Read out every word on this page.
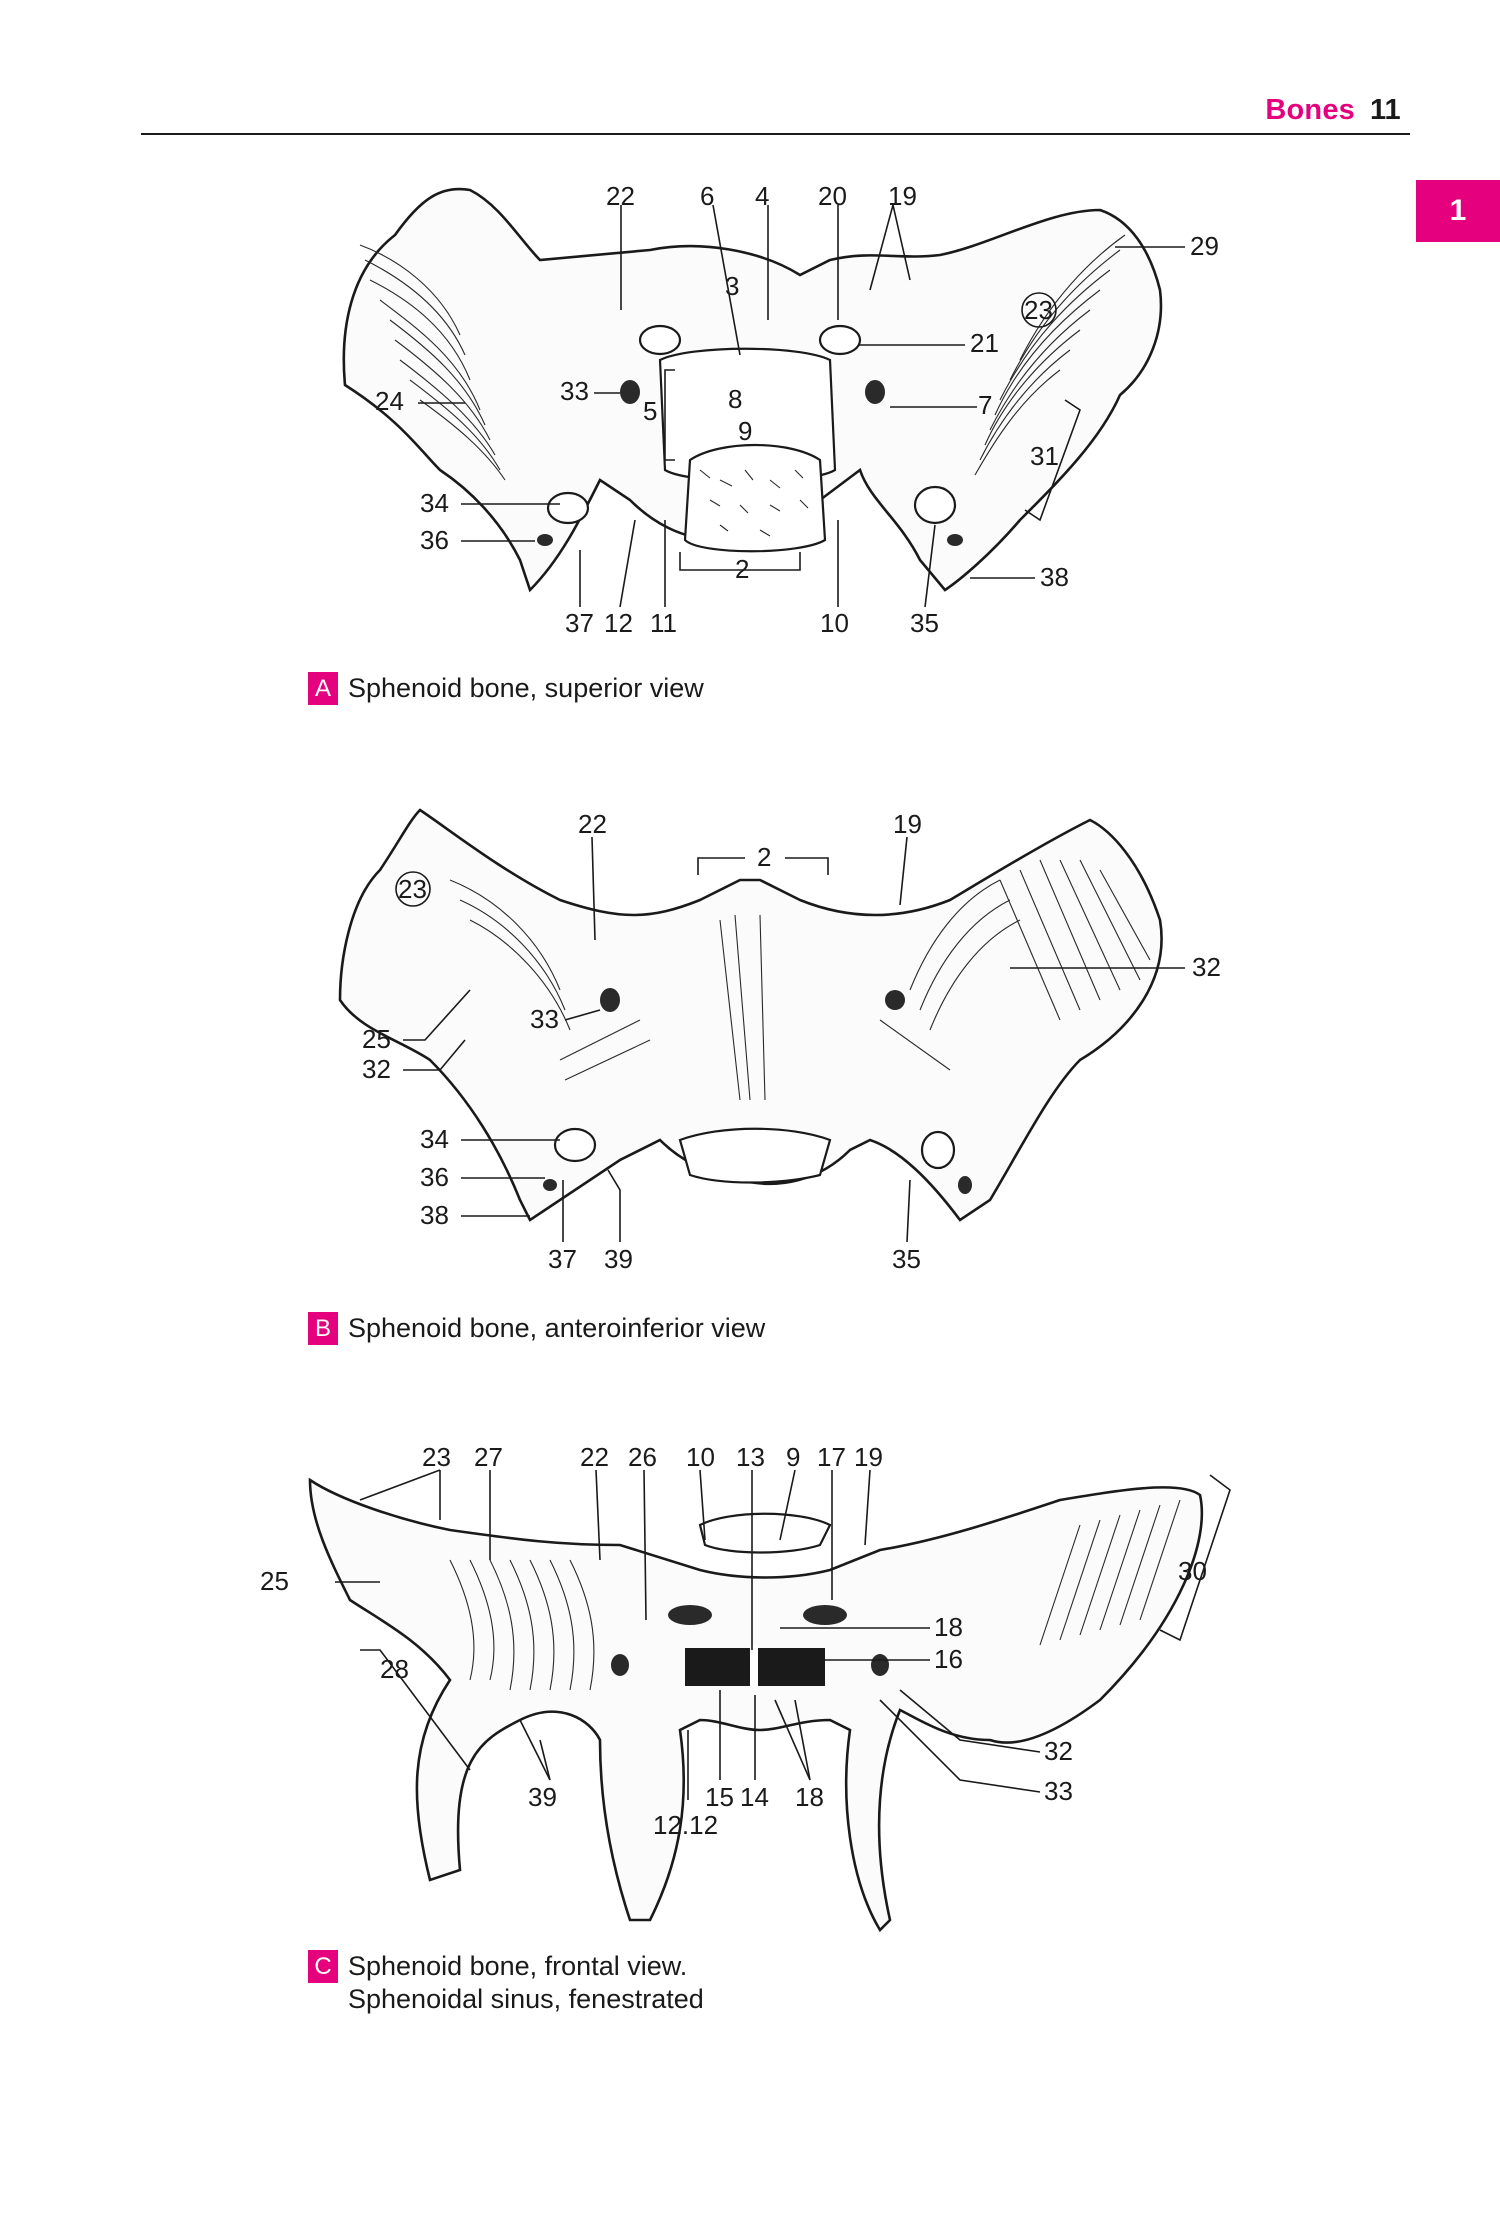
Bones 11
1
22	6 4 20 19
3
29
23
21
24	33	8
5	7
9
31
34
36
2	38
37 12 11	10 35
A Sphenoid bone, superior view
22	19
2
23
32
25
33
32
34
36
38
37 39	35
B Sphenoid bone, anteroinferior view
23 27	22 26 10 13 9 17 19
25	30
18
16
28
32
39	15 14 18	33
12.12
C Sphenoid bone, frontal view.
Sphenoidal sinus, fenestrated
